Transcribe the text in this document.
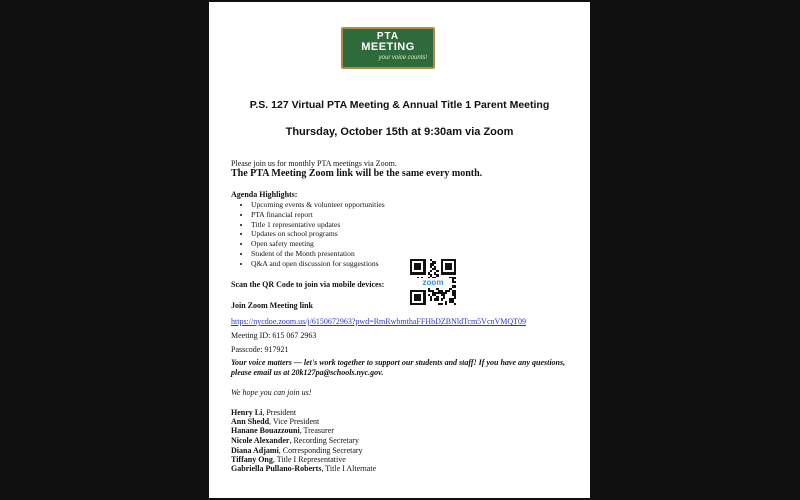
PTA
MEETING
your voice counts!
P.S. 127 Virtual PTA Meeting & Annual Title 1 Parent Meeting
Thursday, October 15th at 9:30am via Zoom
Please join us for monthly PTA meetings via Zoom.
The PTA Meeting Zoom link will be the same every month.
Agenda Highlights:
• Upcoming events & volunteer opportunities
• PTA financial report
• Title 1 representative updates
• Updates on school programs
• Open safety meeting
• Student of the Month presentation
• Q&A and open discussion for suggestions
Scan the QR Code to join via mobile devices:	zoom
Join Zoom Meeting link
https://nycdoe.zoom.us/j/6150672963?pwd=RmRwbmthaFFHbDZBNldTcm5VcnVMQT09
Meeting ID: 615 067 2963
Passcode: 917921
Your voice matters — let's work together to support our students and staff! If you have any questions, please email us at 20k127pa@schools.nyc.gov.
We hope you can join us!
Henry Li, President
Ann Shedd, Vice President
Hanane Bouazzouni, Treasurer
Nicole Alexander, Recording Secretary
Diana Adjami, Corresponding Secretary
Tiffany Ong, Title I Representative
Gabriella Pullano-Roberts, Title I Alternate
